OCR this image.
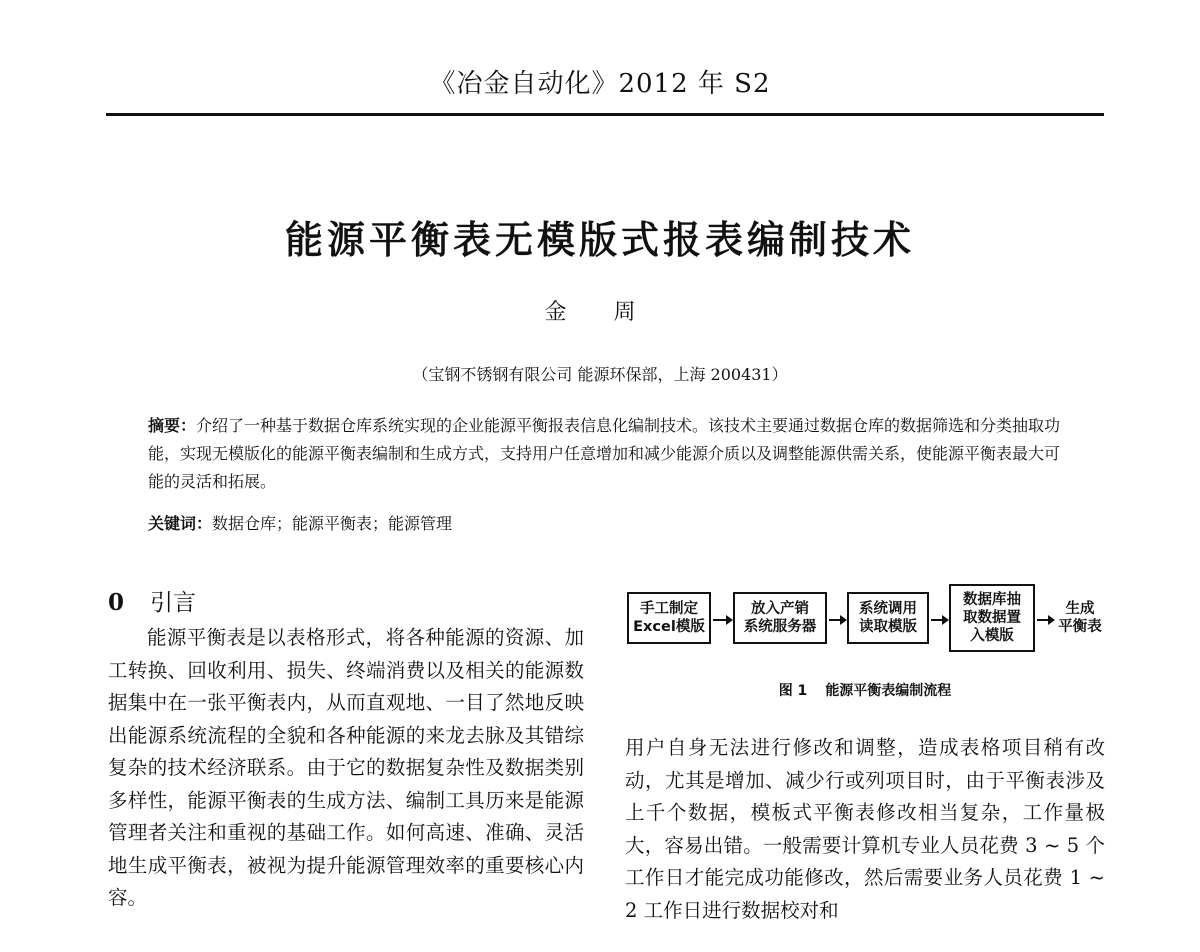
《冶金自动化》2012 年 S2
能源平衡表无模版式报表编制技术
金 周
（宝钢不锈钢有限公司 能源环保部，上海 200431）
摘要：介绍了一种基于数据仓库系统实现的企业能源平衡报表信息化编制技术。该技术主要通过数据仓库的数据筛选和分类抽取功能，实现无模版化的能源平衡表编制和生成方式，支持用户任意增加和减少能源介质以及调整能源供需关系，使能源平衡表最大可能的灵活和拓展。
关键词：数据仓库；能源平衡表；能源管理
0 引言
能源平衡表是以表格形式，将各种能源的资源、加工转换、回收利用、损失、终端消费以及相关的能源数据集中在一张平衡表内，从而直观地、一目了然地反映出能源系统流程的全貌和各种能源的来龙去脉及其错综复杂的技术经济联系。由于它的数据复杂性及数据类别多样性，能源平衡表的生成方法、编制工具历来是能源管理者关注和重视的基础工作。如何高速、准确、灵活地生成平衡表，被视为提升能源管理效率的重要核心内容。
手工制定
Excel模版
放入产销
系统服务器
系统调用
读取模版
数据库抽
取数据置
入模版
生成
平衡表
图 1 能源平衡表编制流程
用户自身无法进行修改和调整，造成表格项目稍有改动，尤其是增加、减少行或列项目时，由于平衡表涉及上千个数据，模板式平衡表修改相当复杂，工作量极大，容易出错。一般需要计算机专业人员花费 3 ~ 5 个工作日才能完成功能修改，然后需要业务人员花费 1 ~ 2 工作日进行数据校对和
